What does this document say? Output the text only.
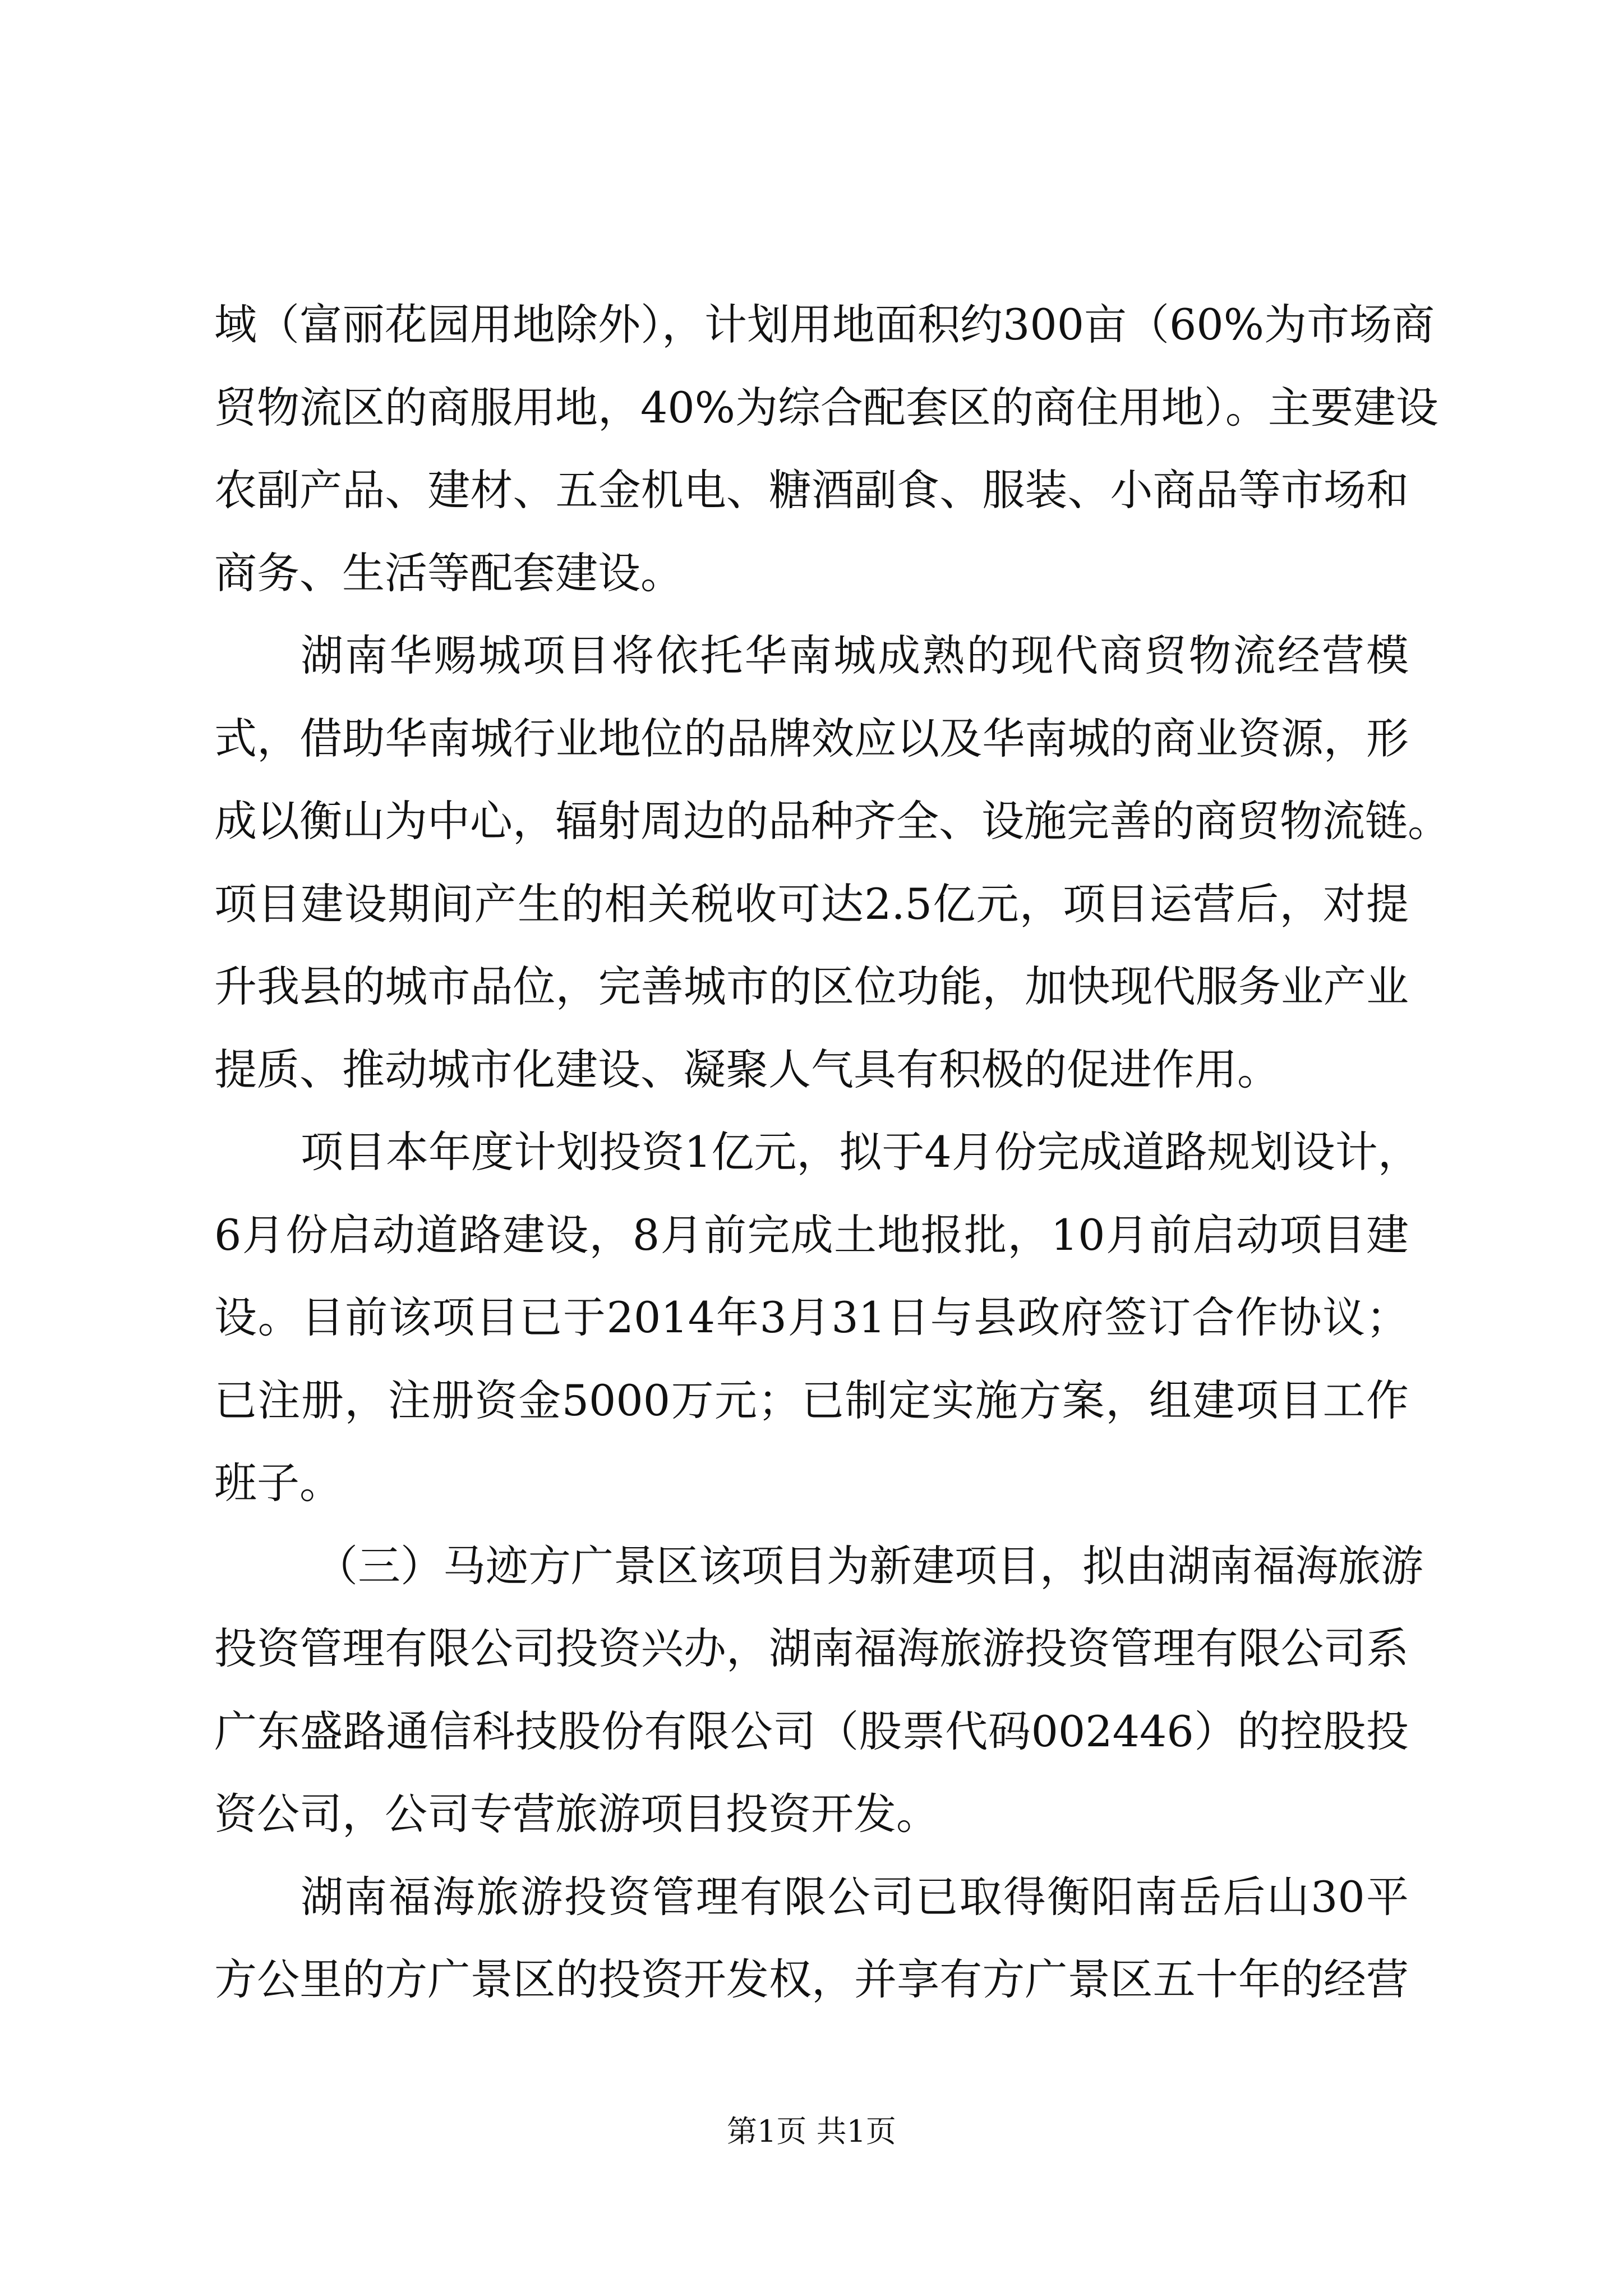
域（富丽花园用地除外），计划用地面积约300亩（60%为市场商
贸物流区的商服用地，40%为综合配套区的商住用地）。主要建设
农副产品、建材、五金机电、糖酒副食、服装、小商品等市场和
商务、生活等配套建设。
湖南华赐城项目将依托华南城成熟的现代商贸物流经营模
式，借助华南城行业地位的品牌效应以及华南城的商业资源，形
成以衡山为中心，辐射周边的品种齐全、设施完善的商贸物流链。
项目建设期间产生的相关税收可达2.5亿元，项目运营后，对提
升我县的城市品位，完善城市的区位功能，加快现代服务业产业
提质、推动城市化建设、凝聚人气具有积极的促进作用。
项目本年度计划投资1亿元，拟于4月份完成道路规划设计，
6月份启动道路建设，8月前完成土地报批，10月前启动项目建
设。目前该项目已于2014年3月31日与县政府签订合作协议；
已注册，注册资金5000万元；已制定实施方案，组建项目工作
班子。
（三）马迹方广景区该项目为新建项目，拟由湖南福海旅游
投资管理有限公司投资兴办，湖南福海旅游投资管理有限公司系
广东盛路通信科技股份有限公司（股票代码002446）的控股投
资公司，公司专营旅游项目投资开发。
湖南福海旅游投资管理有限公司已取得衡阳南岳后山30平
方公里的方广景区的投资开发权，并享有方广景区五十年的经营
第1页 共1页
